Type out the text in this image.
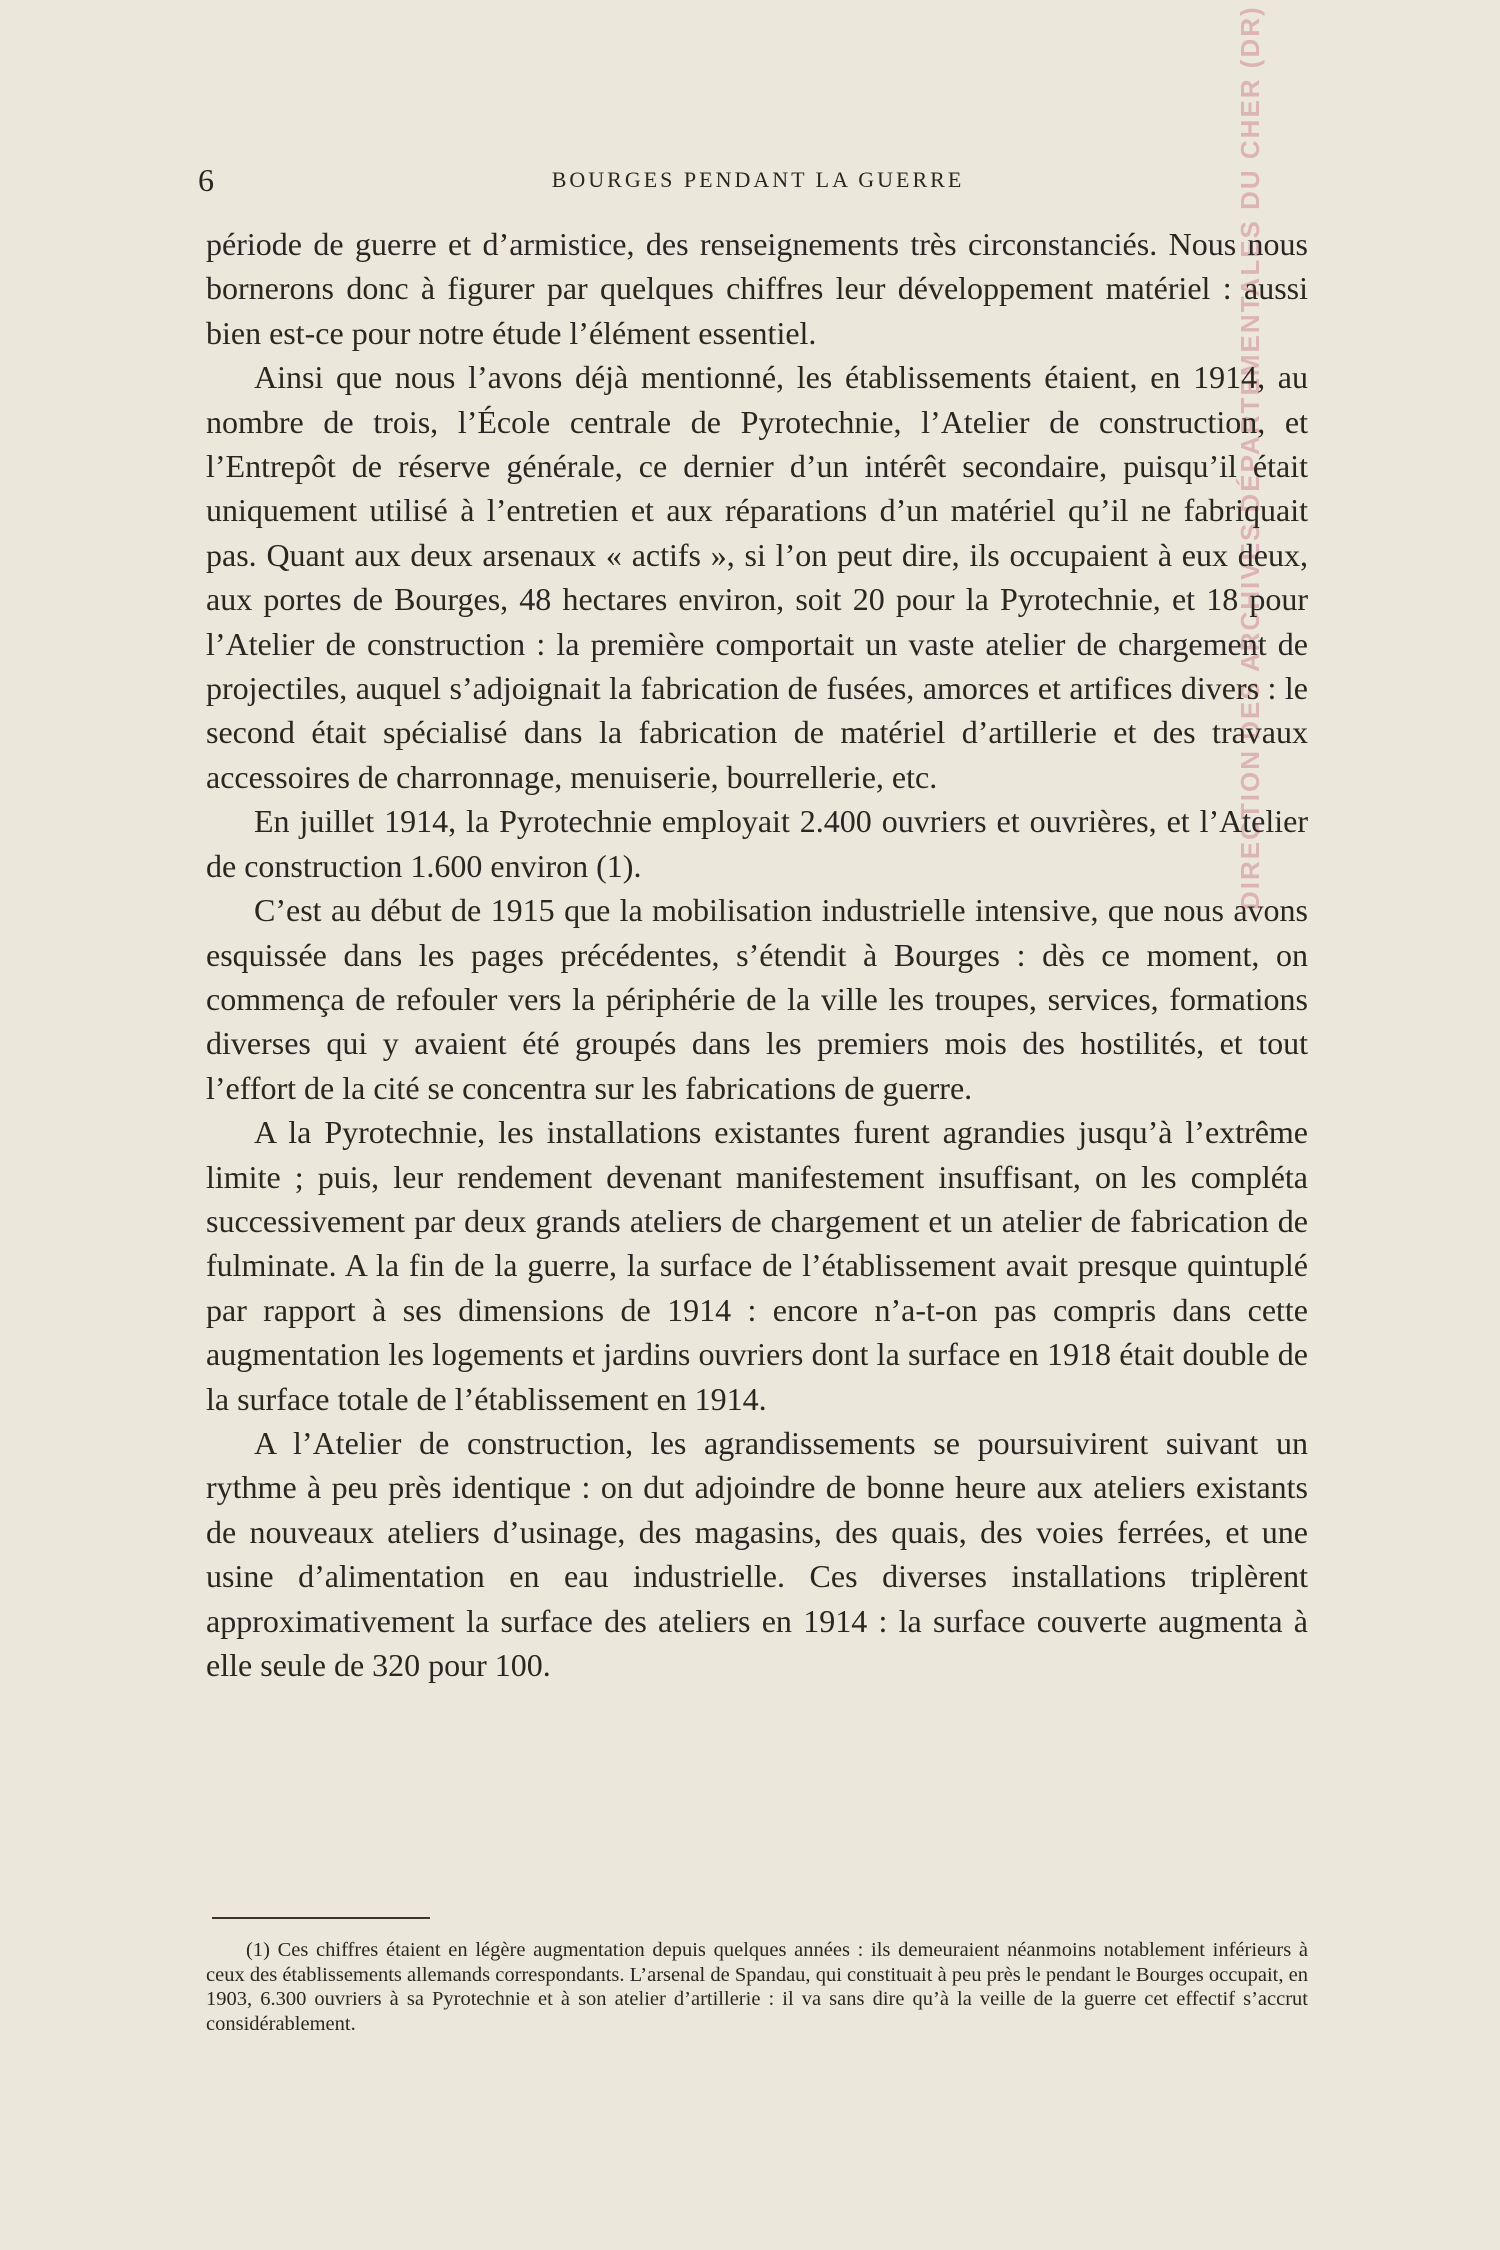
DIRECTION DES ARCHIVES DÉPARTEMENTALES DU CHER (DR)
6	BOURGES PENDANT LA GUERRE

période de guerre et d’armistice, des renseignements très circonstanciés. Nous nous bornerons donc à figurer par quelques chiffres leur développement matériel : aussi bien est-ce pour notre étude l’élément essentiel.

Ainsi que nous l’avons déjà mentionné, les établissements étaient, en 1914, au nombre de trois, l’École centrale de Pyrotechnie, l’Atelier de construction, et l’Entrepôt de réserve générale, ce dernier d’un intérêt secondaire, puisqu’il était uniquement utilisé à l’entretien et aux réparations d’un matériel qu’il ne fabriquait pas. Quant aux deux arsenaux « actifs », si l’on peut dire, ils occupaient à eux deux, aux portes de Bourges, 48 hectares environ, soit 20 pour la Pyrotechnie, et 18 pour l’Atelier de construction : la première comportait un vaste atelier de chargement de projectiles, auquel s’adjoignait la fabrication de fusées, amorces et artifices divers : le second était spécialisé dans la fabrication de matériel d’artillerie et des travaux accessoires de charronnage, menuiserie, bourrellerie, etc.

En juillet 1914, la Pyrotechnie employait 2.400 ouvriers et ouvrières, et l’Atelier de construction 1.600 environ (1).

C’est au début de 1915 que la mobilisation industrielle intensive, que nous avons esquissée dans les pages précédentes, s’étendit à Bourges : dès ce moment, on commença de refouler vers la périphérie de la ville les troupes, services, formations diverses qui y avaient été groupés dans les premiers mois des hostilités, et tout l’effort de la cité se concentra sur les fabrications de guerre.

A la Pyrotechnie, les installations existantes furent agrandies jusqu’à l’extrême limite ; puis, leur rendement devenant manifestement insuffisant, on les compléta successivement par deux grands ateliers de chargement et un atelier de fabrication de fulminate. A la fin de la guerre, la surface de l’établissement avait presque quintuplé par rapport à ses dimensions de 1914 : encore n’a-t-on pas compris dans cette augmentation les logements et jardins ouvriers dont la surface en 1918 était double de la surface totale de l’établissement en 1914.

A l’Atelier de construction, les agrandissements se poursuivirent suivant un rythme à peu près identique : on dut adjoindre de bonne heure aux ateliers existants de nouveaux ateliers d’usinage, des magasins, des quais, des voies ferrées, et une usine d’alimentation en eau industrielle. Ces diverses installations triplèrent approximativement la surface des ateliers en 1914 : la surface couverte augmenta à elle seule de 320 pour 100.

(1) Ces chiffres étaient en légère augmentation depuis quelques années : ils demeuraient néanmoins notablement inférieurs à ceux des établissements allemands correspondants. L’arsenal de Spandau, qui constituait à peu près le pendant le Bourges occupait, en 1903, 6.300 ouvriers à sa Pyrotechnie et à son atelier d’artillerie : il va sans dire qu’à la veille de la guerre cet effectif s’accrut considérablement.
